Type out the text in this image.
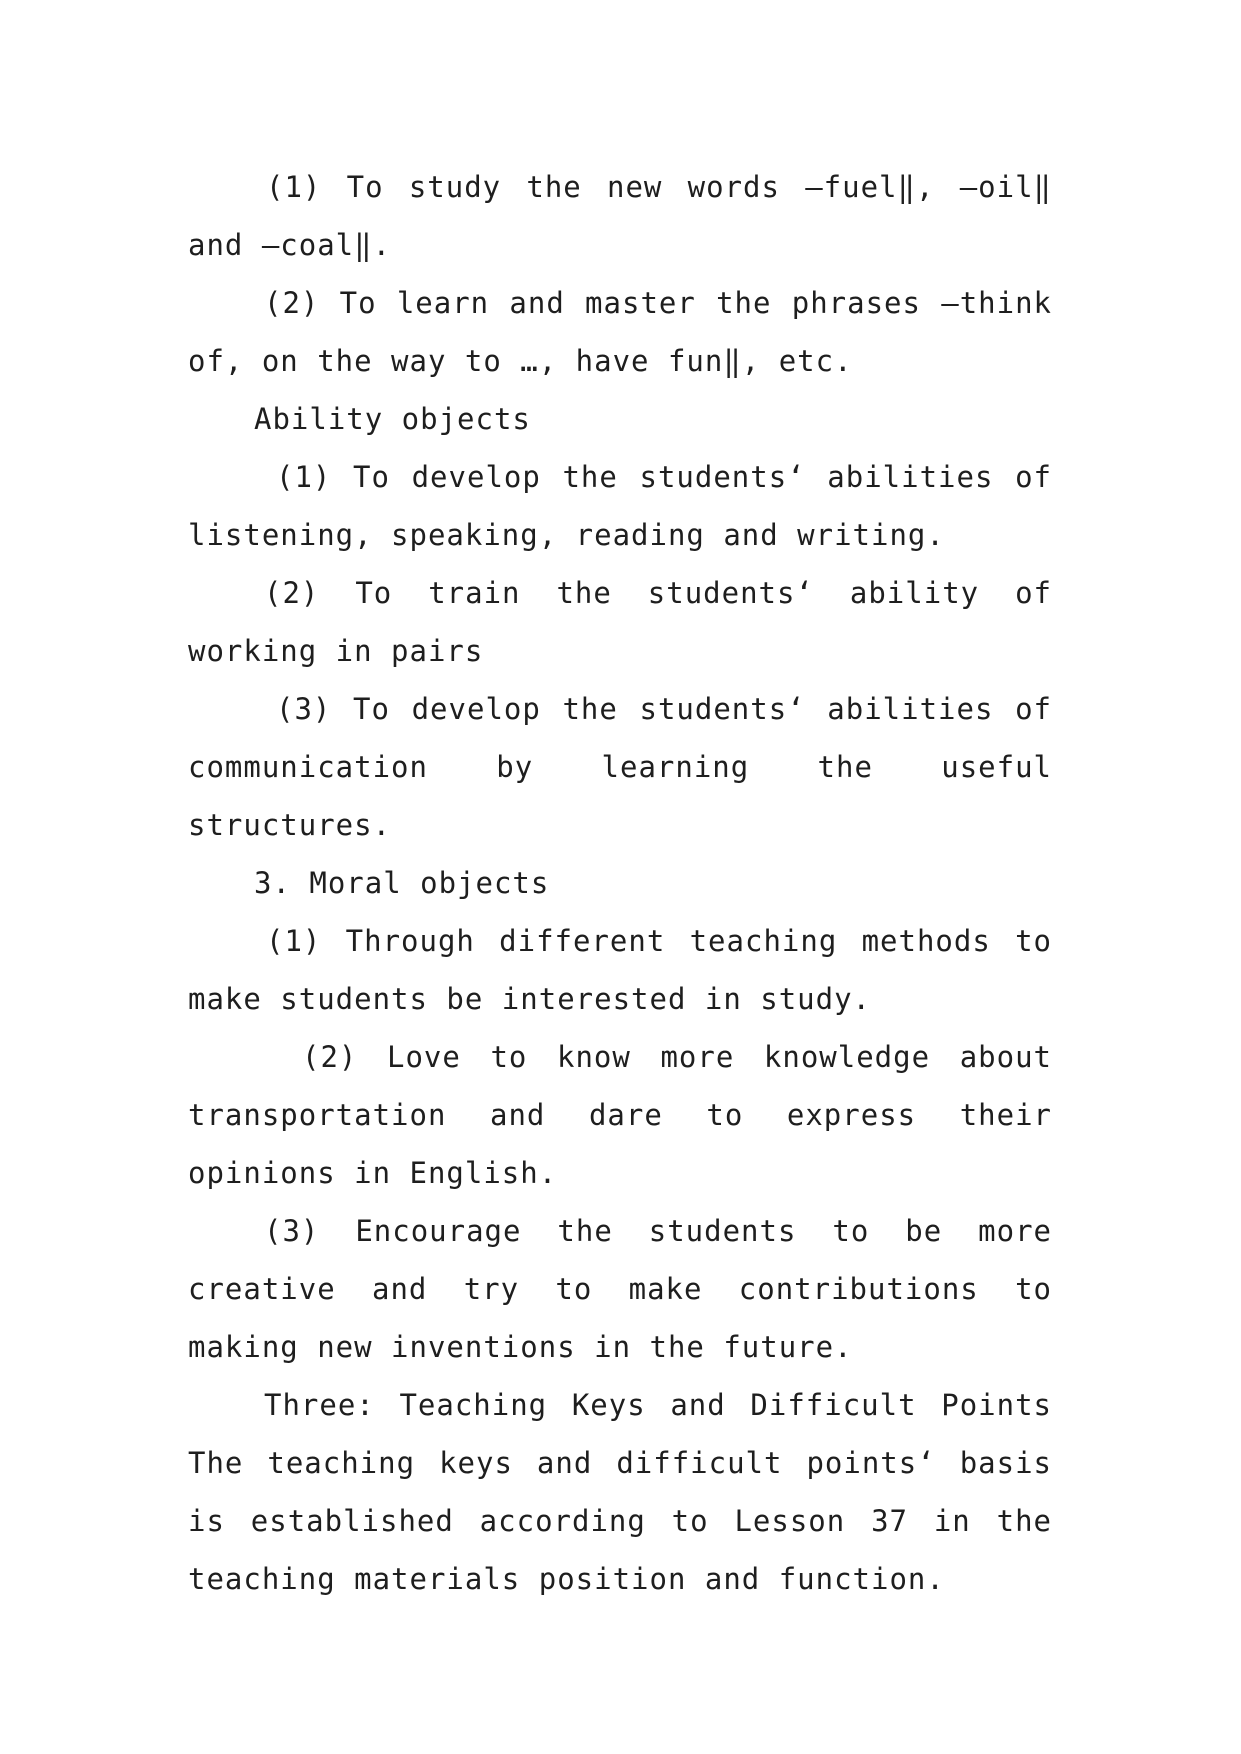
(1) To study the new words ―fuel‖, ―oil‖ and ―coal‖.

(2) To learn and master the phrases ―think of, on the way to …, have fun‖, etc.

Ability objects

(1) To develop the students‘ abilities of listening, speaking, reading and writing.

(2) To train the students‘ ability of working in pairs

(3) To develop the students‘ abilities of communication by learning the useful structures.

3. Moral objects

(1) Through different teaching methods to make students be interested in study.

(2) Love to know more knowledge about transportation and dare to express their opinions in English.

(3) Encourage the students to be more creative and try to make contributions to making new inventions in the future.

Three: Teaching Keys and Difficult Points The teaching keys and difficult points‘ basis is established according to Lesson 37 in the teaching materials position and function.
